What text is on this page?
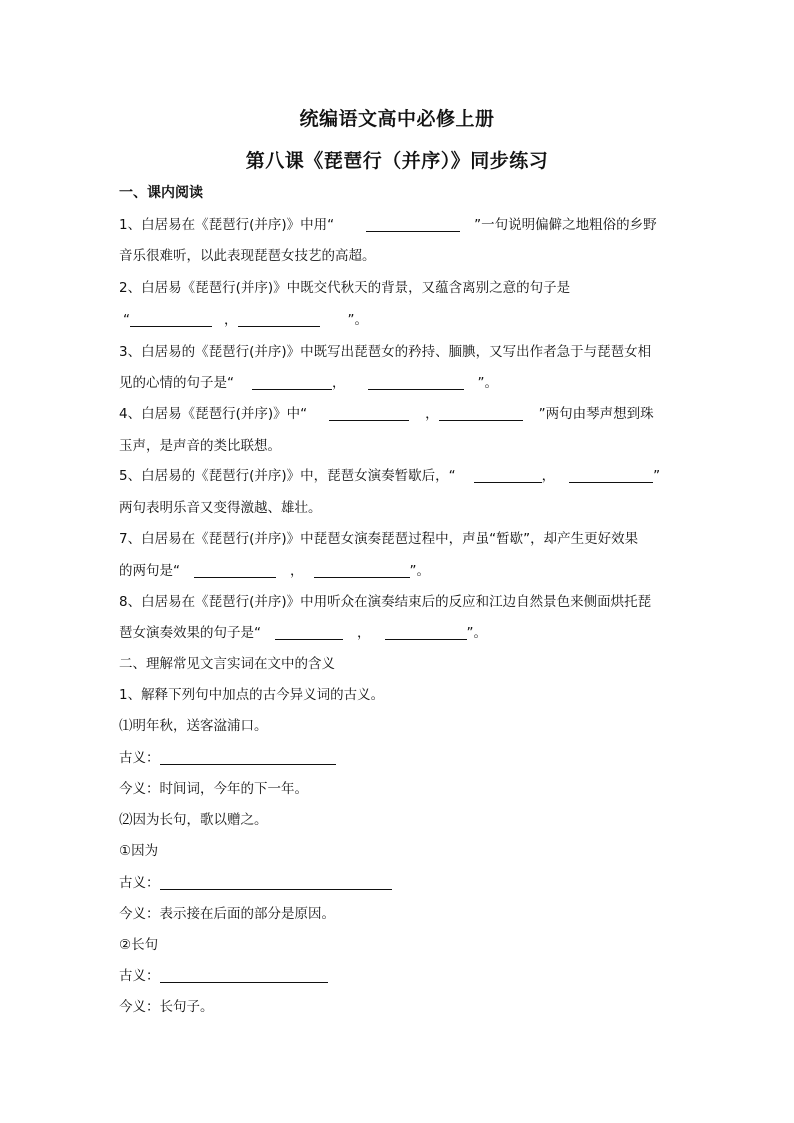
统编语文高中必修上册
第八课《琵琶行（并序）》同步练习
一、课内阅读
1、白居易在《琵琶行(并序)》中用“	”一句说明偏僻之地粗俗的乡野
音乐很难听，以此表现琵琶女技艺的高超。
2、白居易《琵琶行(并序)》中既交代秋天的背景，又蕴含离别之意的句子是
“	，	”。
3、白居易的《琵琶行(并序)》中既写出琵琶女的矜持、腼腆，又写出作者急于与琵琶女相
见的心情的句子是“	，	”。
4、白居易《琵琶行(并序)》中“	，	”两句由琴声想到珠
玉声，是声音的类比联想。
5、白居易的《琵琶行(并序)》中，琵琶女演奏暂歇后，“	，	”
两句表明乐音又变得激越、雄壮。
7、白居易在《琵琶行(并序)》中琵琶女演奏琵琶过程中，声虽“暂歇”，却产生更好效果
的两句是“	，	”。
8、白居易在《琵琶行(并序)》中用听众在演奏结束后的反应和江边自然景色来侧面烘托琵
琶女演奏效果的句子是“	，	”。
二、理解常见文言实词在文中的含义
1、解释下列句中加点的古今异义词的古义。
⑴明年秋，送客湓浦口。
古义：
今义：时间词，今年的下一年。
⑵因为长句，歌以赠之。
①因为
古义：
今义：表示接在后面的部分是原因。
②长句
古义：
今义：长句子。
